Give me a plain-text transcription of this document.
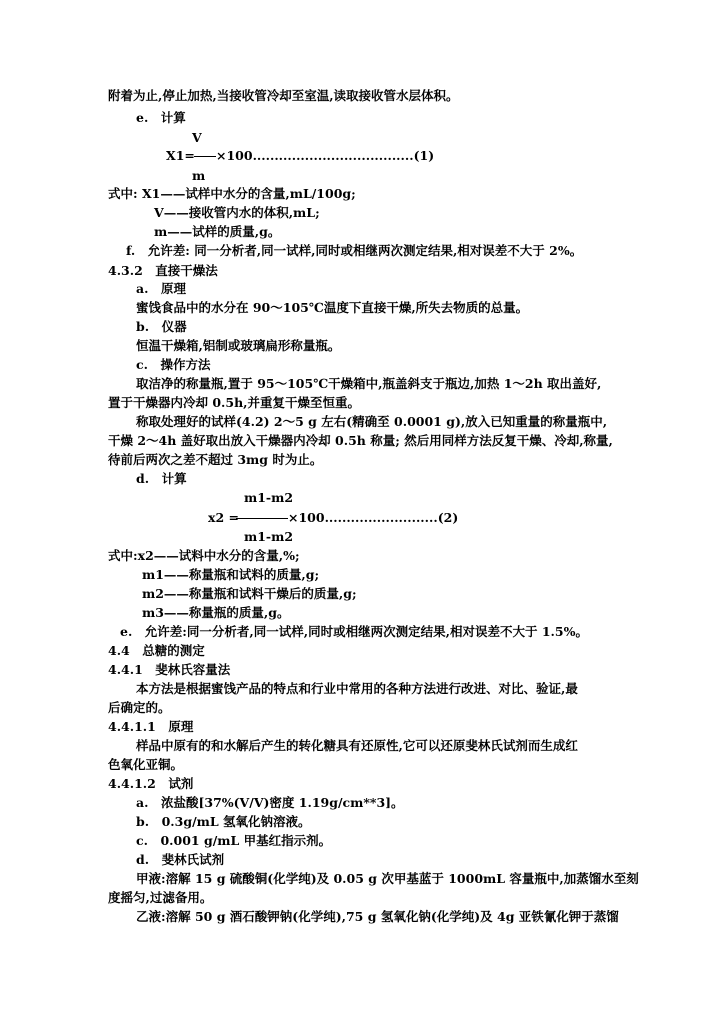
附着为止,停止加热,当接收管冷却至室温,读取接收管水层体积。
e.　计算
V
X1= ×100.....................................(1)
m
式中: X1——试样中水分的含量,mL/100g;
V——接收管内水的体积,mL;
m——试样的质量,g。
f.　允许差: 同一分析者,同一试样,同时或相继两次测定结果,相对误差不大于 2%。
4.3.2　直接干燥法
a.　原理
蜜饯食品中的水分在 90～105℃温度下直接干燥,所失去物质的总量。
b.　仪器
恒温干燥箱,铝制或玻璃扁形称量瓶。
c.　操作方法
取洁净的称量瓶,置于 95～105℃干燥箱中,瓶盖斜支于瓶边,加热 1～2h 取出盖好,
置于干燥器内冷却 0.5h,并重复干燥至恒重。
称取处理好的试样(4.2) 2～5 g 左右(精确至 0.0001 g),放入已知重量的称量瓶中,
干燥 2～4h 盖好取出放入干燥器内冷却 0.5h 称量; 然后用同样方法反复干燥、冷却,称量,
待前后两次之差不超过 3mg 时为止。
d.　计算
m1-m2
x2 =	×100..........................(2)
m1-m2
式中:x2——试料中水分的含量,%;
m1——称量瓶和试料的质量,g;
m2——称量瓶和试料干燥后的质量,g;
m3——称量瓶的质量,g。
e.　允许差:同一分析者,同一试样,同时或相继两次测定结果,相对误差不大于 1.5%。
4.4　总糖的测定
4.4.1　斐林氏容量法
本方法是根据蜜饯产品的特点和行业中常用的各种方法进行改进、对比、验证,最
后确定的。
4.4.1.1　原理
样品中原有的和水解后产生的转化糖具有还原性,它可以还原斐林氏试剂而生成红
色氧化亚铜。
4.4.1.2　试剂
a.　浓盐酸[37%(V/V)密度 1.19g/cm**3]。
b.　0.3g/mL 氢氧化钠溶液。
c.　0.001 g/mL 甲基红指示剂。
d.　斐林氏试剂
甲液:溶解 15 g 硫酸铜(化学纯)及 0.05 g 次甲基蓝于 1000mL 容量瓶中,加蒸馏水至刻
度摇匀,过滤备用。
乙液:溶解 50 g 酒石酸钾钠(化学纯),75 g 氢氧化钠(化学纯)及 4g 亚铁氰化钾于蒸馏
